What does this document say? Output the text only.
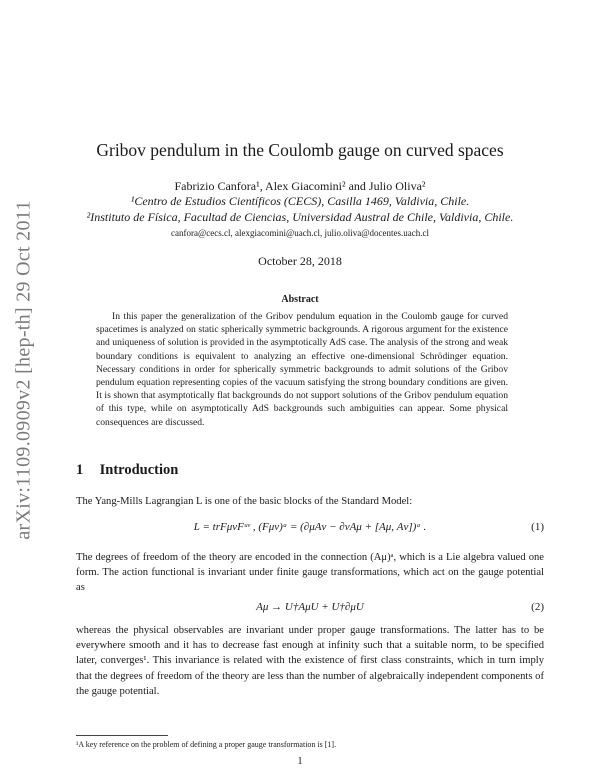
arXiv:1109.0909v2 [hep-th] 29 Oct 2011
Gribov pendulum in the Coulomb gauge on curved spaces
Fabrizio Canfora¹, Alex Giacomini² and Julio Oliva²
¹Centro de Estudios Científicos (CECS), Casilla 1469, Valdivia, Chile.
²Instituto de Física, Facultad de Ciencias, Universidad Austral de Chile, Valdivia, Chile.
canfora@cecs.cl, alexgiacomini@uach.cl, julio.oliva@docentes.uach.cl
October 28, 2018
Abstract

In this paper the generalization of the Gribov pendulum equation in the Coulomb gauge for curved spacetimes is analyzed on static spherically symmetric backgrounds. A rigorous argument for the existence and uniqueness of solution is provided in the asymptotically AdS case. The analysis of the strong and weak boundary conditions is equivalent to analyzing an effective one-dimensional Schrödinger equation. Necessary conditions in order for spherically symmetric backgrounds to admit solutions of the Gribov pendulum equation representing copies of the vacuum satisfying the strong boundary conditions are given. It is shown that asymptotically flat backgrounds do not support solutions of the Gribov pendulum equation of this type, while on asymptotically AdS backgrounds such ambiguities can appear. Some physical consequences are discussed.

1 Introduction

The Yang-Mills Lagrangian L is one of the basic blocks of the Standard Model:

L = trFμνFᵘᵛ , (Fμν)ᵃ = (∂μAν − ∂νAμ + [Aμ, Aν])ᵃ .	(1)

The degrees of freedom of the theory are encoded in the connection (Aμ)ᵃ, which is a Lie algebra valued one form. The action functional is invariant under finite gauge transformations, which act on the gauge potential as

Aμ → U†AμU + U†∂μU	(2)

whereas the physical observables are invariant under proper gauge transformations. The latter has to be everywhere smooth and it has to decrease fast enough at infinity such that a suitable norm, to be specified later, converges¹. This invariance is related with the existence of first class constraints, which in turn imply that the degrees of freedom of the theory are less than the number of algebraically independent components of the gauge potential.

¹A key reference on the problem of defining a proper gauge transformation is [1].
1
